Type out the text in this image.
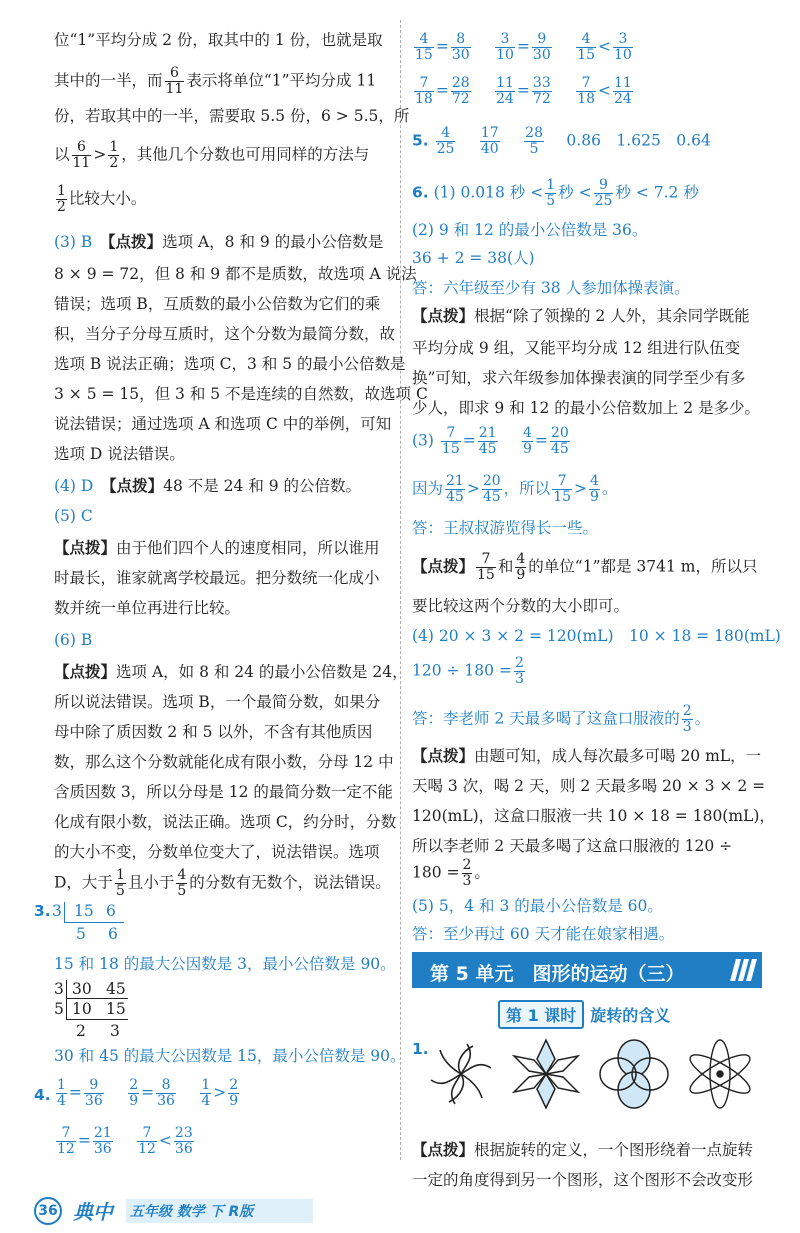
位“1”平均分成 2 份，取其中的 1 份，也就是取
其中的一半，而 $\frac{6}{11}$ 表示将单位“1”平均分成 11
份，若取其中的一半，需要取 5.5 份，6 > 5.5，所
以 $\frac{6}{11} > \frac{1}{2}$ ，其他几个分数也可用同样的方法与
$\frac{1}{2}$ 比较大小。
(3) B　 【点拨】选项 A，8 和 9 的最小公倍数是
8 × 9 = 72，但 8 和 9 都不是质数，故选项 A 说法
错误；选项 B，互质数的最小公倍数为它们的乘
积，当分子分母互质时，这个分数为最简分数，故
选项 B 说法正确；选项 C，3 和 5 的最小公倍数是
3 × 5 = 15，但 3 和 5 不是连续的自然数，故选项 C
说法错误；通过选项 A 和选项 C 中的举例，可知
选项 D 说法错误。
(4) D　 【点拨】48 不是 24 和 9 的公倍数。
(5) C
【点拨】由于他们四个人的速度相同，所以谁用
时最长，谁家就离学校最远。把分数统一化成小
数并统一单位再进行比较。
(6) B
【点拨】选项 A，如 8 和 24 的最小公倍数是 24，
所以说法错误。选项 B，一个最简分数，如果分
母中除了质因数 2 和 5 以外，不含有其他质因
数，那么这个分数就能化成有限小数，分母 12 中
含质因数 3，所以分母是 12 的最简分数一定不能
化成有限小数，说法正确。选项 C，约分时，分数
的大小不变，分数单位变大了，说法错误。选项
D，大于 $\frac{1}{5}$ 且小于 $\frac{4}{5}$ 的分数有无数个，说法错误。
3. 3 15 6
5 6
15 和 18 的最大公因数是 3，最小公倍数是 90。
3
5
30 45
10 15
2 3
30 和 45 的最大公因数是 15，最小公倍数是 90。
4. $\frac{1}{4} = \frac{9}{36}$
　 $\frac{2}{9} = \frac{8}{36}$
　 $\frac{1}{4} > \frac{2}{9}$
$\frac{7}{12} = \frac{21}{36}$
　 $\frac{7}{12} < \frac{23}{36}$
$\frac{4}{15} = \frac{8}{30}$
　 $\frac{3}{10} = \frac{9}{30}$
　 $\frac{4}{15} < \frac{3}{10}$
$\frac{7}{18} = \frac{28}{72}$
　 $\frac{11}{24} = \frac{33}{72}$
　 $\frac{7}{18} < \frac{11}{24}$
5. $\frac{4}{25}$
　 $\frac{17}{40}$
　 $\frac{28}{5}$
　 0.86　1.625　0.64
6. (1) 0.018 秒 < $\frac{1}{5}$ 秒 < $\frac{9}{25}$ 秒 < 7.2 秒
(2) 9 和 12 的最小公倍数是 36。
36 + 2 = 38(人)
答：六年级至少有 38 人参加体操表演。
【点拨】根据“除了领操的 2 人外，其余同学既能
平均分成 9 组，又能平均分成 12 组进行队伍变
换”可知，求六年级参加体操表演的同学至少有多
少人，即求 9 和 12 的最小公倍数加上 2 是多少。
$(3) \frac{7}{15} = \frac{21}{45}$
　 $\frac{4}{9} = \frac{20}{45}$
因为 $\frac{21}{45} > \frac{20}{45}$ ，所以 $\frac{7}{15} > \frac{4}{9}$ 。
答：王叔叔游览得长一些。
【点拨】 $\frac{7}{15}$ 和 $\frac{4}{9}$ 的单位“1”都是 3741 m，所以只
要比较这两个分数的大小即可。
(4) 20 × 3 × 2 = 120(mL)　10 × 18 = 180(mL)
$120 \div 180 = \frac{2}{3}$
答：李老师 2 天最多喝了这盒口服液的 $\frac{2}{3}$ 。
【点拨】由题可知，成人每次最多可喝 20 mL，一
天喝 3 次，喝 2 天，则 2 天最多喝 20 × 3 × 2 =
120(mL)，这盒口服液一共 10 × 18 = 180(mL)，
所以李老师 2 天最多喝了这盒口服液的 120 ÷
$180 = \frac{2}{3}$ 。
(5) 5，4 和 3 的最小公倍数是 60。
答：至少再过 60 天才能在娘家相遇。
第 5 单元　图形的运动（三）
第 1 课时 旋转的含义
1.
【点拨】根据旋转的定义，一个图形绕着一点旋转
一定的角度得到另一个图形，这个图形不会改变形
36 典中 五年级 数学 下 R版
